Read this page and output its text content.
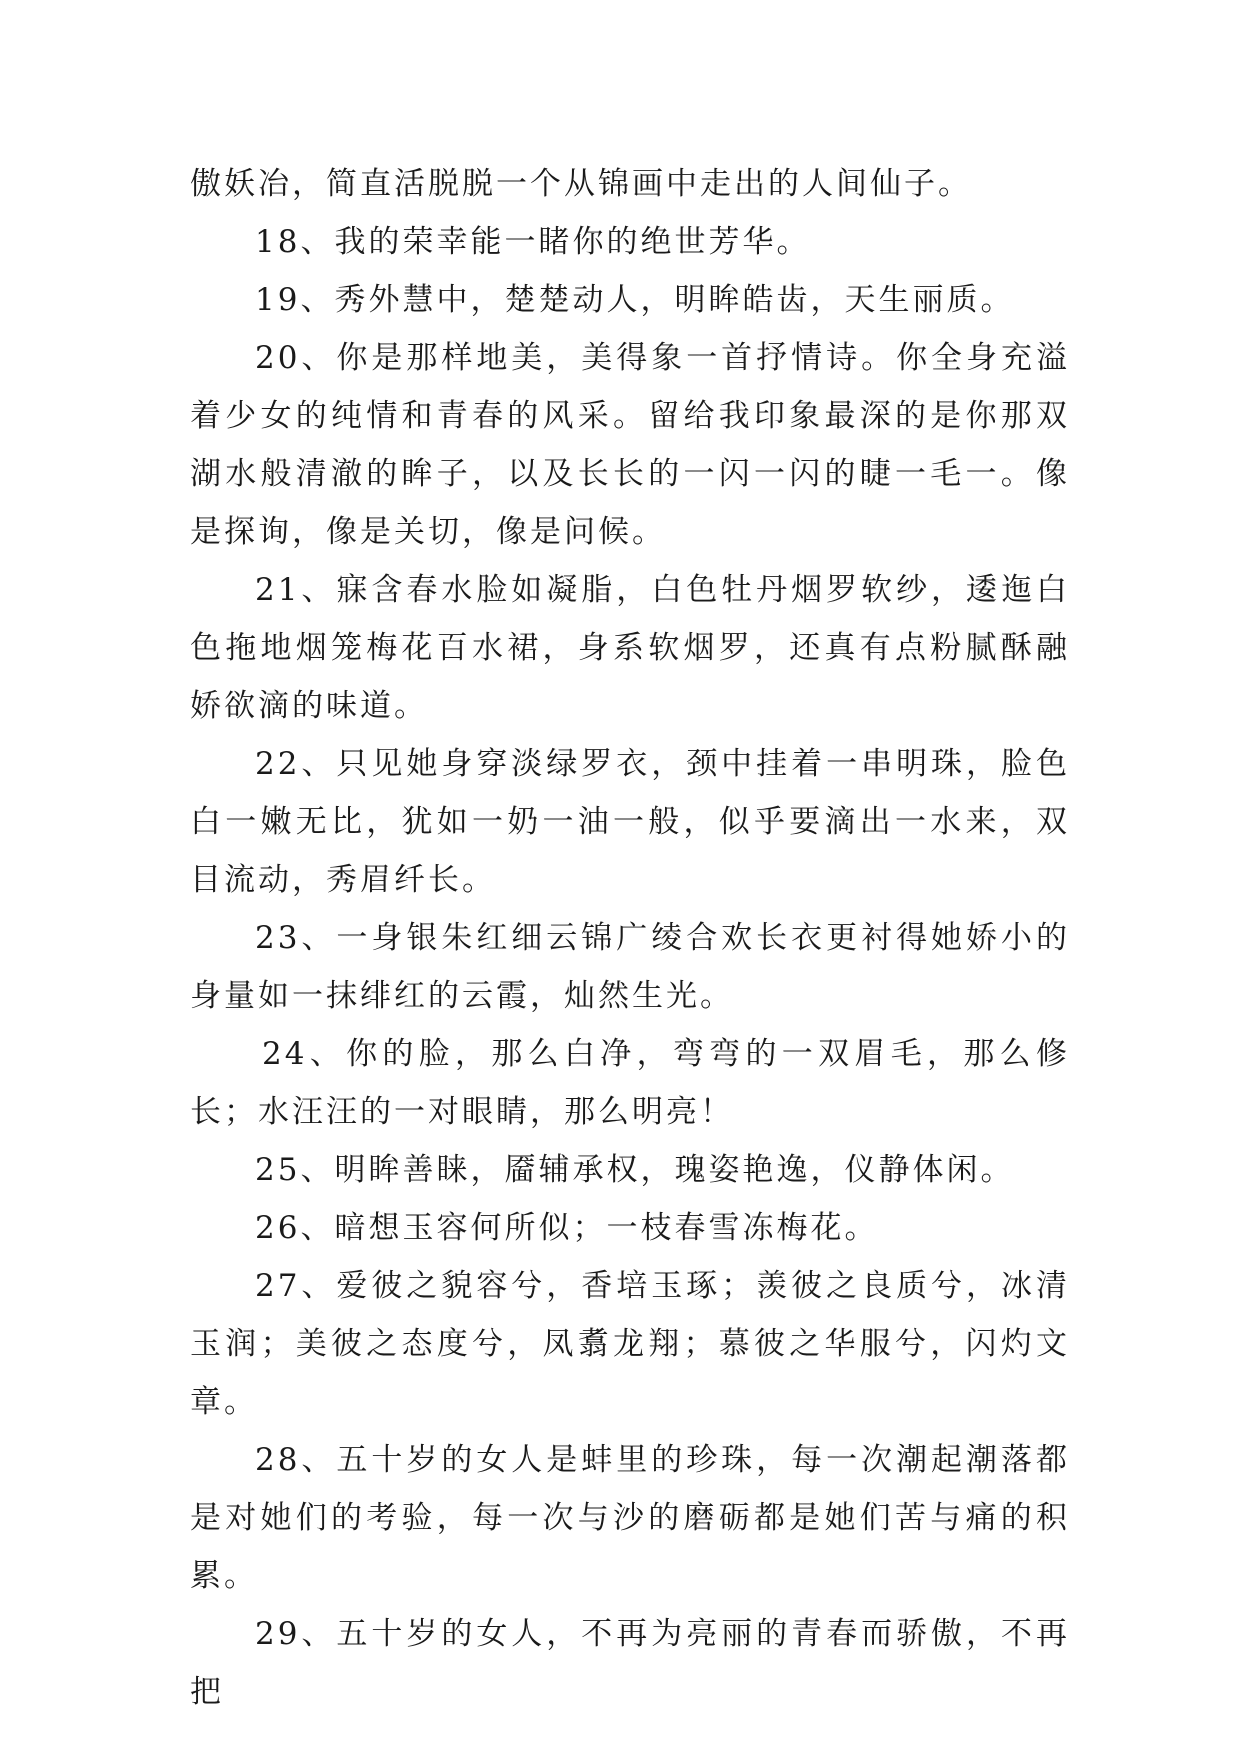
傲妖冶，简直活脱脱一个从锦画中走出的人间仙子。

18、我的荣幸能一睹你的绝世芳华。

19、秀外慧中，楚楚动人，明眸皓齿，天生丽质。

20、你是那样地美，美得象一首抒情诗。你全身充溢着少女的纯情和青春的风采。留给我印象最深的是你那双湖水般清澈的眸子，以及长长的一闪一闪的睫一毛一。像是探询，像是关切，像是问候。

21、寐含春水脸如凝脂，白色牡丹烟罗软纱，逶迤白色拖地烟笼梅花百水裙，身系软烟罗，还真有点粉腻酥融娇欲滴的味道。

22、只见她身穿淡绿罗衣，颈中挂着一串明珠，脸色白一嫩无比，犹如一奶一油一般，似乎要滴出一水来，双目流动，秀眉纤长。

23、一身银朱红细云锦广绫合欢长衣更衬得她娇小的身量如一抹绯红的云霞，灿然生光。

24、你的脸，那么白净，弯弯的一双眉毛，那么修长；水汪汪的一对眼睛，那么明亮！

25、明眸善睐，靥辅承权，瑰姿艳逸，仪静体闲。

26、暗想玉容何所似；一枝春雪冻梅花。

27、爱彼之貌容兮，香培玉琢；羡彼之良质兮，冰清玉润；美彼之态度兮，凤翥龙翔；慕彼之华服兮，闪灼文章。

28、五十岁的女人是蚌里的珍珠，每一次潮起潮落都是对她们的考验，每一次与沙的磨砺都是她们苦与痛的积累。

29、五十岁的女人，不再为亮丽的青春而骄傲，不再把
